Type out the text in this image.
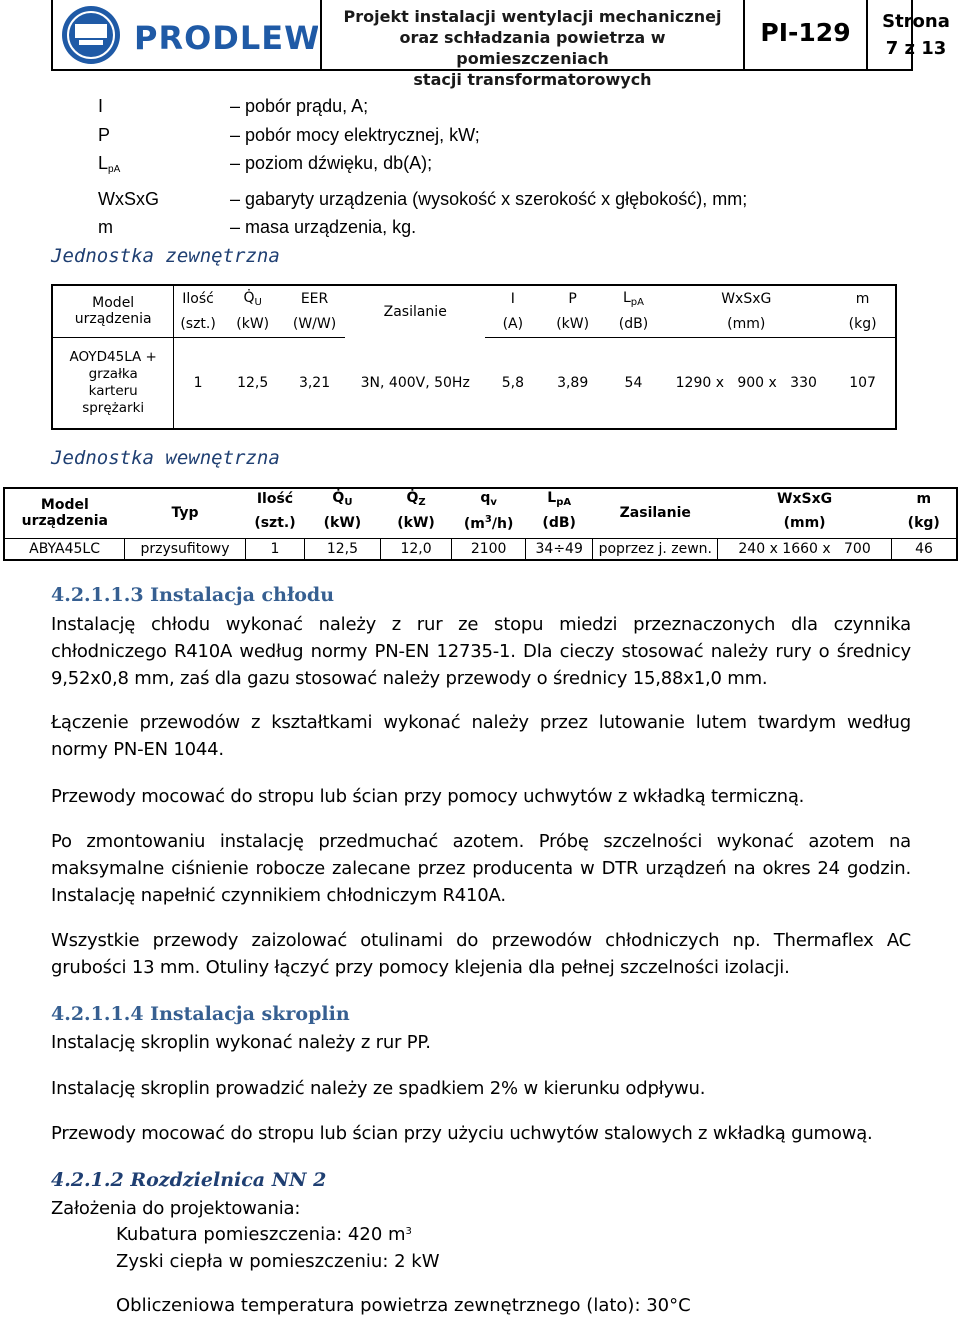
PRODLEW
Projekt instalacji wentylacji mechanicznej
oraz schładzania powietrza w pomieszczeniach
stacji transformatorowych
PI-129	Strona
7 z 13
I	– pobór prądu, A;
P	– pobór mocy elektrycznej, kW;
$L_{pA}$	– poziom dźwięku, db(A);
WxSxG	– gabaryty urządzenia (wysokość x szerokość x głębokość), mm;
m	– masa urządzenia, kg.
Jednostka zewnętrzna
Model urządzenia	Ilość	$Q̇_U$	EER	Zasilanie	I	P	$L_{pA}$	WxSxG	m
	(szt.)	(kW)	(W/W)		(A)	(kW)	(dB)	(mm)	(kg)
AOYD45LA + grzałka karteru sprężarki	1	12,5	3,21	3N, 400V, 50Hz	5,8	3,89	54	1290 x   900 x   330	107
Jednostka wewnętrzna
Model urządzenia	Typ	Ilość	$Q̇_U$	$Q̇_Z$	$q_v$	$L_{pA}$	Zasilanie	WxSxG	m
		(szt.)	(kW)	(kW)	$(m^3/h)$	(dB)		(mm)	(kg)
ABYA45LC	przysufitowy	1	12,5	12,0	2100	34÷49	poprzez j. zewn.	240 x 1660 x   700	46
4.2.1.1.3 Instalacja chłodu
Instalację chłodu wykonać należy z rur ze stopu miedzi przeznaczonych dla czynnika chłodniczego R410A według normy PN-EN 12735-1. Dla cieczy stosować należy rury o średnicy 9,52x0,8 mm, zaś dla gazu stosować należy przewody o średnicy 15,88x1,0 mm.
Łączenie przewodów z kształtkami wykonać należy przez lutowanie lutem twardym według normy PN-EN 1044.
Przewody mocować do stropu lub ścian przy pomocy uchwytów z wkładką termiczną.
Po zmontowaniu instalację przedmuchać azotem. Próbę szczelności wykonać azotem na maksymalne ciśnienie robocze zalecane przez producenta w DTR urządzeń na okres 24 godzin. Instalację napełnić czynnikiem chłodniczym R410A.
Wszystkie przewody zaizolować otulinami do przewodów chłodniczych np. Thermaflex AC grubości 13 mm. Otuliny łączyć przy pomocy klejenia dla pełnej szczelności izolacji.
4.2.1.1.4 Instalacja skroplin
Instalację skroplin wykonać należy z rur PP.
Instalację skroplin prowadzić należy ze spadkiem 2% w kierunku odpływu.
Przewody mocować do stropu lub ścian przy użyciu uchwytów stalowych z wkładką gumową.
4.2.1.2 Rozdzielnica NN 2
Założenia do projektowania:
Kubatura pomieszczenia: 420 $m^3$
Zyski ciepła w pomieszczeniu: 2 kW
Obliczeniowa temperatura powietrza zewnętrznego (lato): 30°C
